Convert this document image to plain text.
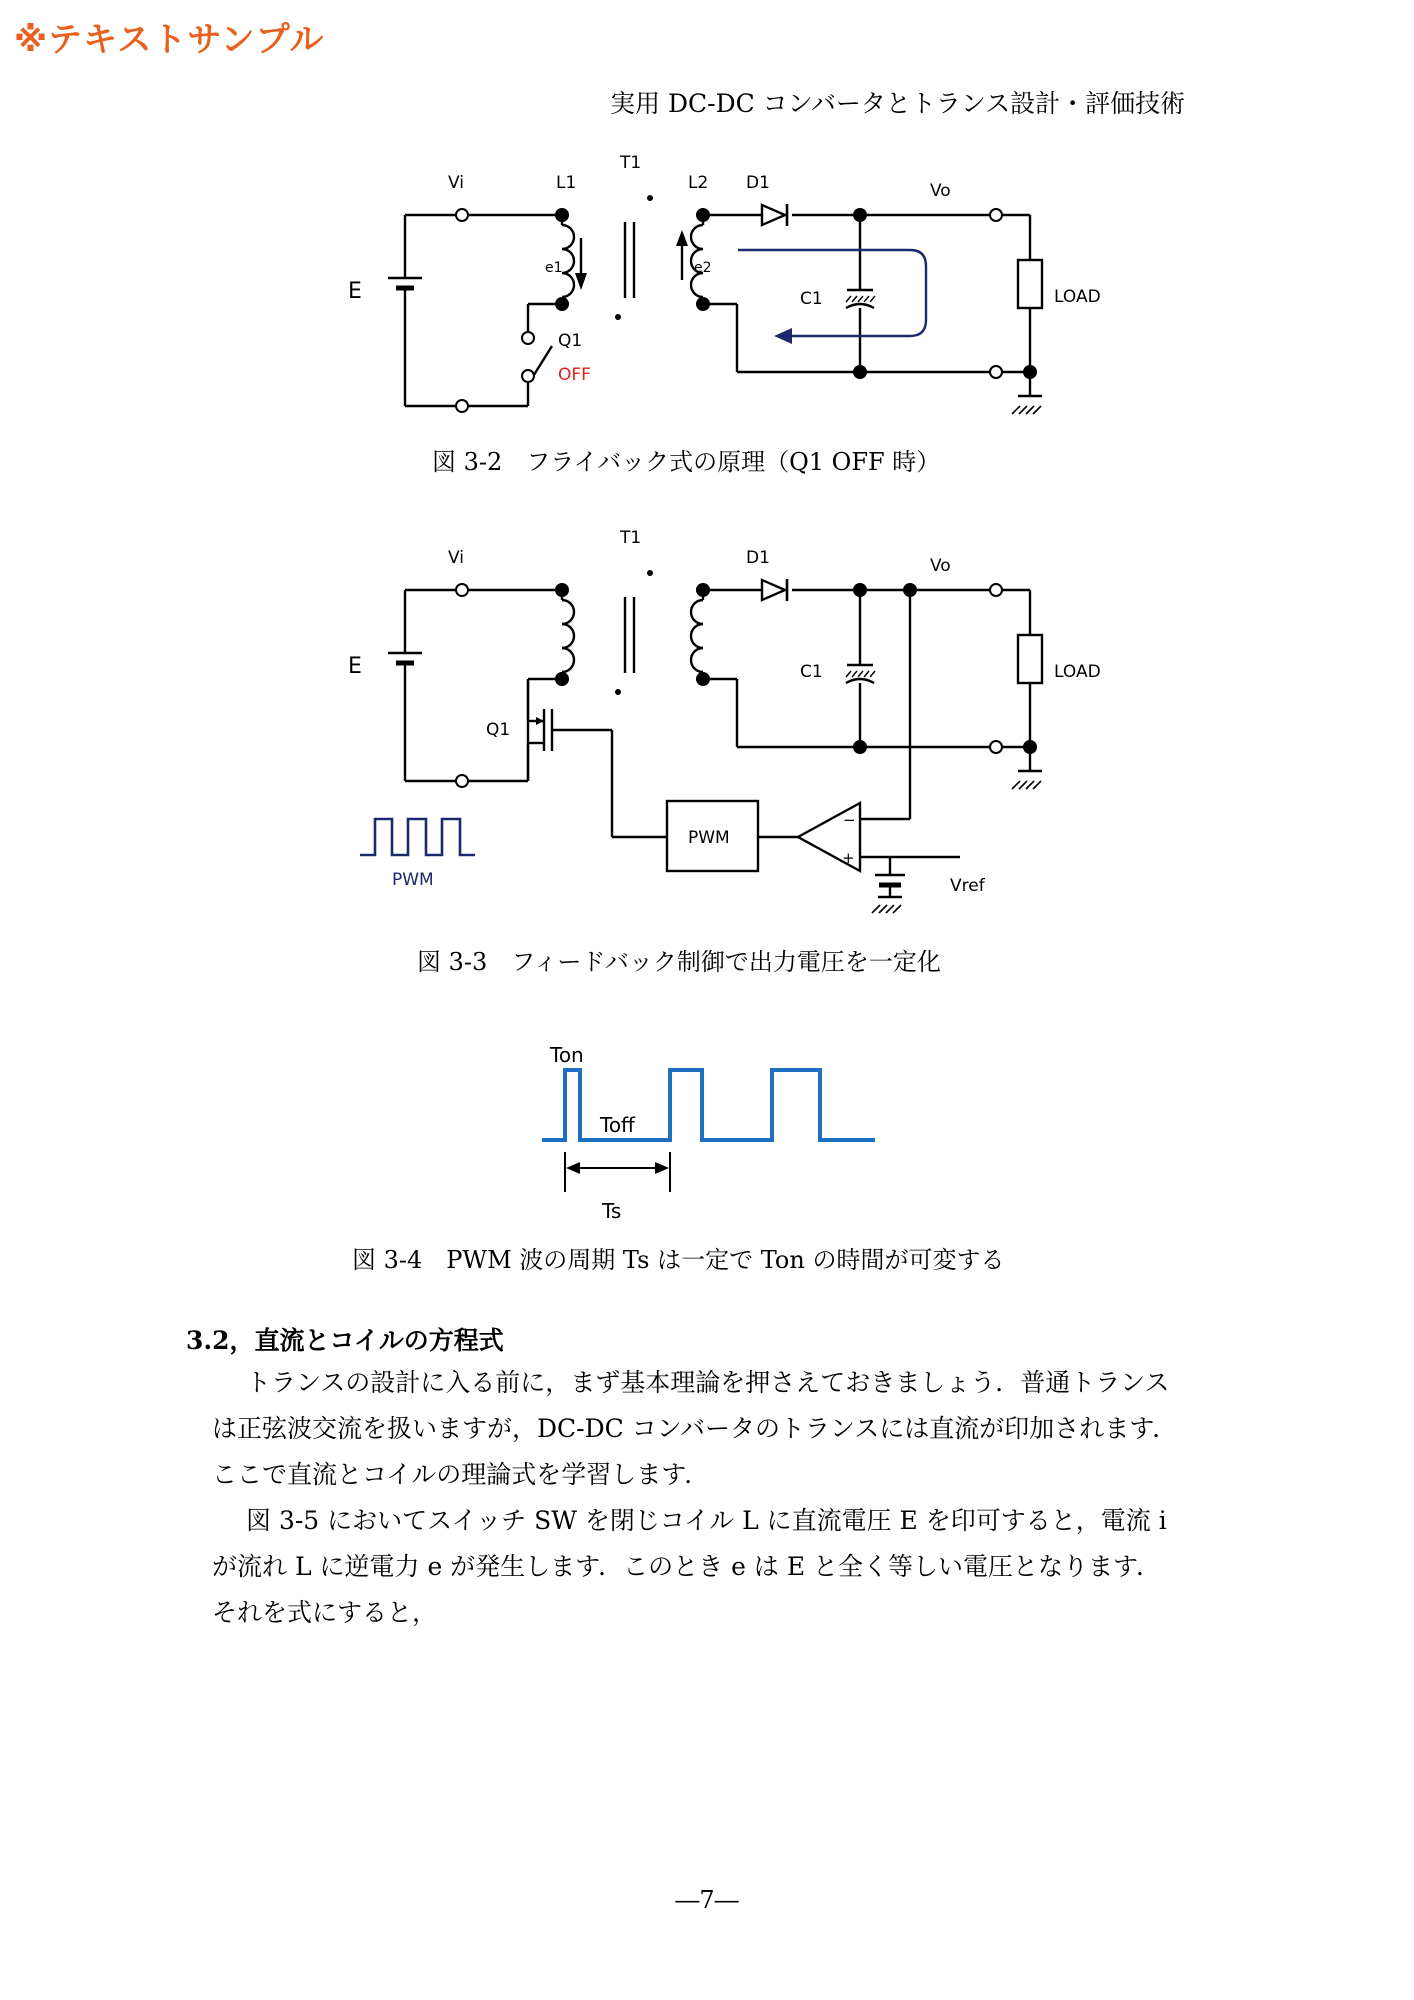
※テキストサンプル
実用 DC-DC コンバータとトランス設計・評価技術
Vi	L1
T1
L2 D1	Vo
E
e1	e2
C1	LOAD
Q1
OFF
図 3-2　フライバック式の原理（Q1 OFF 時）
Vi
T1
D1	Vo
E	C1	LOAD
Q1
PWM
PWM	Vref
−
+
図 3-3　フィードバック制御で出力電圧を一定化
Ton
Toff
Ts
図 3-4　PWM 波の周期 Ts は一定で Ton の時間が可変する
3.2，直流とコイルの方程式

トランスの設計に入る前に，まず基本理論を押さえておきましょう．普通トランス

は正弦波交流を扱いますが，DC-DC コンバータのトランスには直流が印加されます．

ここで直流とコイルの理論式を学習します．

図 3-5 においてスイッチ SW を閉じコイル L に直流電圧 E を印可すると，電流 i

が流れ L に逆電力 e が発生します．このとき e は E と全く等しい電圧となります．

それを式にすると，

―7―
